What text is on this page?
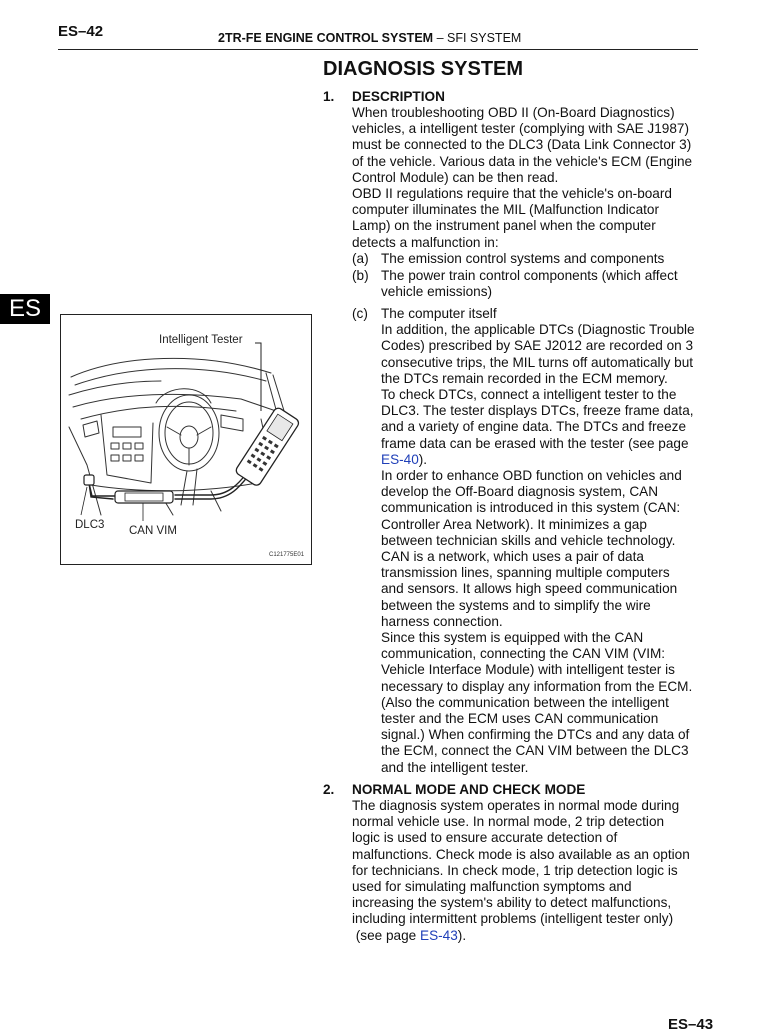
ES–42	2TR-FE ENGINE CONTROL SYSTEM – SFI SYSTEM
ES
DIAGNOSIS SYSTEM
1. DESCRIPTION
When troubleshooting OBD II (On-Board Diagnostics)
vehicles, a intelligent tester (complying with SAE J1987)
must be connected to the DLC3 (Data Link Connector 3)
of the vehicle. Various data in the vehicle's ECM (Engine
Control Module) can be then read.
OBD II regulations require that the vehicle's on-board
computer illuminates the MIL (Malfunction Indicator
Lamp) on the instrument panel when the computer
detects a malfunction in:
(a) The emission control systems and components
(b) The power train control components (which affect
vehicle emissions)
(c) The computer itself
In addition, the applicable DTCs (Diagnostic Trouble
Codes) prescribed by SAE J2012 are recorded on 3
consecutive trips, the MIL turns off automatically but
the DTCs remain recorded in the ECM memory.
To check DTCs, connect a intelligent tester to the
DLC3. The tester displays DTCs, freeze frame data,
and a variety of engine data. The DTCs and freeze
frame data can be erased with the tester (see page
ES-40).
In order to enhance OBD function on vehicles and
develop the Off-Board diagnosis system, CAN
communication is introduced in this system (CAN:
Controller Area Network). It minimizes a gap
between technician skills and vehicle technology.
CAN is a network, which uses a pair of data
transmission lines, spanning multiple computers
and sensors. It allows high speed communication
between the systems and to simplify the wire
harness connection.
Since this system is equipped with the CAN
communication, connecting the CAN VIM (VIM:
Vehicle Interface Module) with intelligent tester is
necessary to display any information from the ECM.
(Also the communication between the intelligent
tester and the ECM uses CAN communication
signal.) When confirming the DTCs and any data of
the ECM, connect the CAN VIM between the DLC3
and the intelligent tester.
2. NORMAL MODE AND CHECK MODE
The diagnosis system operates in normal mode during
normal vehicle use. In normal mode, 2 trip detection
logic is used to ensure accurate detection of
malfunctions. Check mode is also available as an option
for technicians. In check mode, 1 trip detection logic is
used for simulating malfunction symptoms and
increasing the system's ability to detect malfunctions,
including intermittent problems (intelligent tester only)
(see page ES-43).
Intelligent Tester
DLC3 CAN VIM
C121775E01
ES–43
